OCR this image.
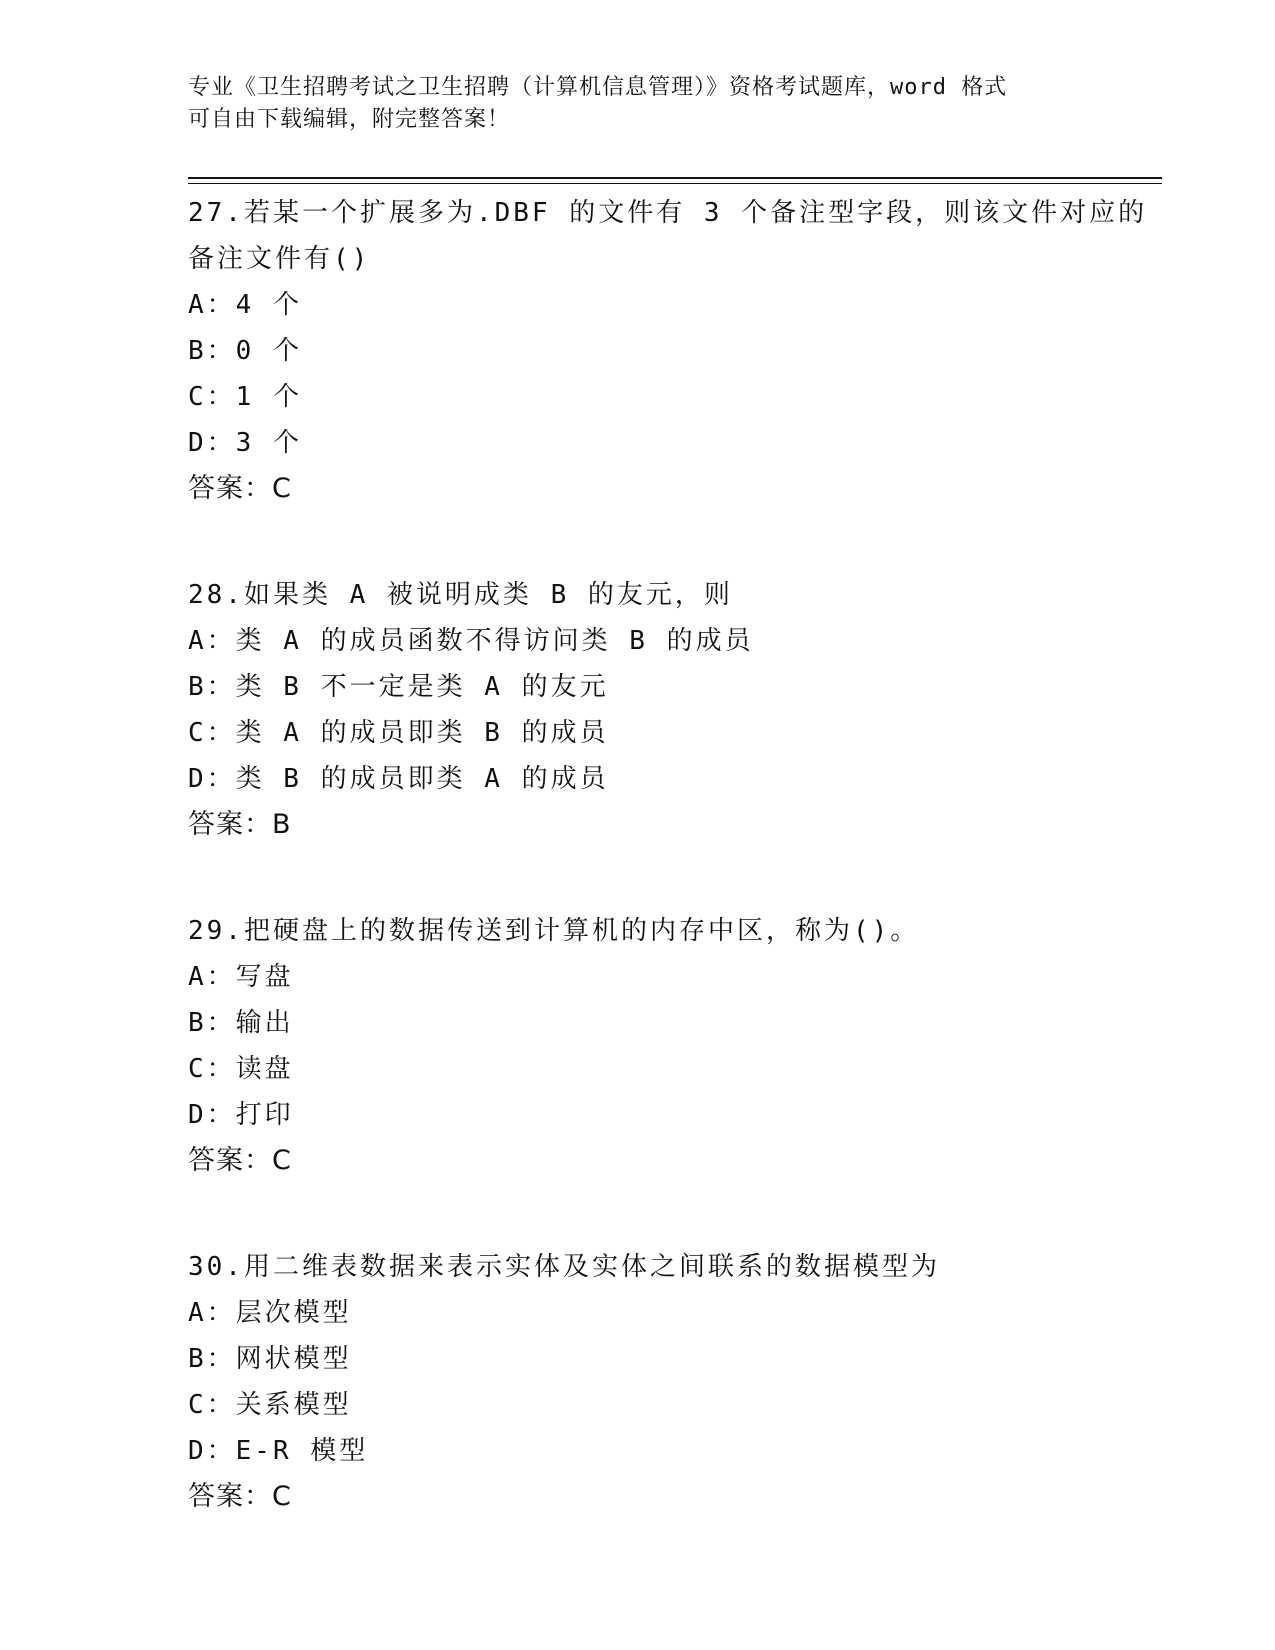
专业《卫生招聘考试之卫生招聘（计算机信息管理）》资格考试题库，word 格式
可自由下载编辑，附完整答案！
27.若某一个扩展多为.DBF 的文件有 3 个备注型字段，则该文件对应的
备注文件有()
A：4 个
B：0 个
C：1 个
D：3 个
答案：C
28.如果类 A 被说明成类 B 的友元，则
A：类 A 的成员函数不得访问类 B 的成员
B：类 B 不一定是类 A 的友元
C：类 A 的成员即类 B 的成员
D：类 B 的成员即类 A 的成员
答案：B
29.把硬盘上的数据传送到计算机的内存中区，称为()。
A：写盘
B：输出
C：读盘
D：打印
答案：C
30.用二维表数据来表示实体及实体之间联系的数据模型为
A：层次模型
B：网状模型
C：关系模型
D：E-R 模型
答案：C
